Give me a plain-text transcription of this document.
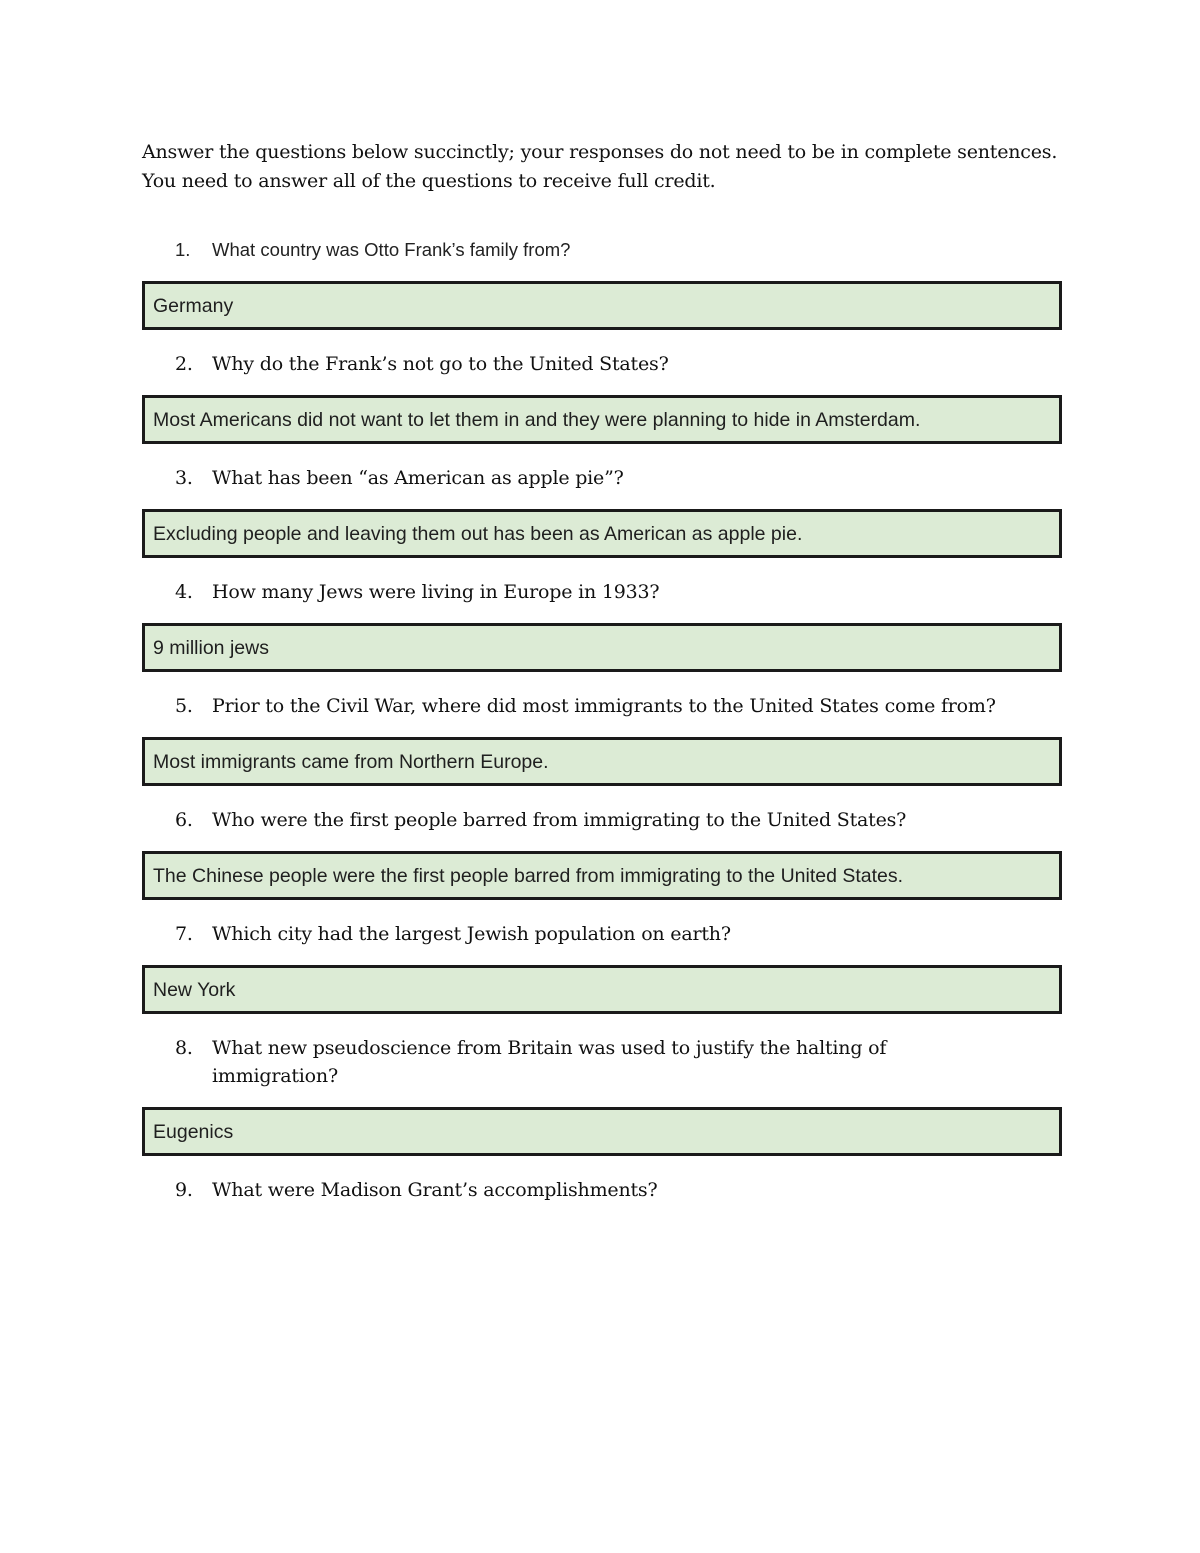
Answer the questions below succinctly; your responses do not need to be in complete sentences. You need to answer all of the questions to receive full credit.

1.	What country was Otto Frank’s family from?
Germany
2.	Why do the Frank’s not go to the United States?
Most Americans did not want to let them in and they were planning to hide in Amsterdam.
3.	What has been “as American as apple pie”?
Excluding people and leaving them out has been as American as apple pie.
4.	How many Jews were living in Europe in 1933?
9 million jews
5.	Prior to the Civil War, where did most immigrants to the United States come from?
Most immigrants came from Northern Europe.
6.	Who were the first people barred from immigrating to the United States?
The Chinese people were the first people barred from immigrating to the United States.
7.	Which city had the largest Jewish population on earth?
New York
8.	What new pseudoscience from Britain was used to justify the halting of immigration?
Eugenics
9.	What were Madison Grant’s accomplishments?
